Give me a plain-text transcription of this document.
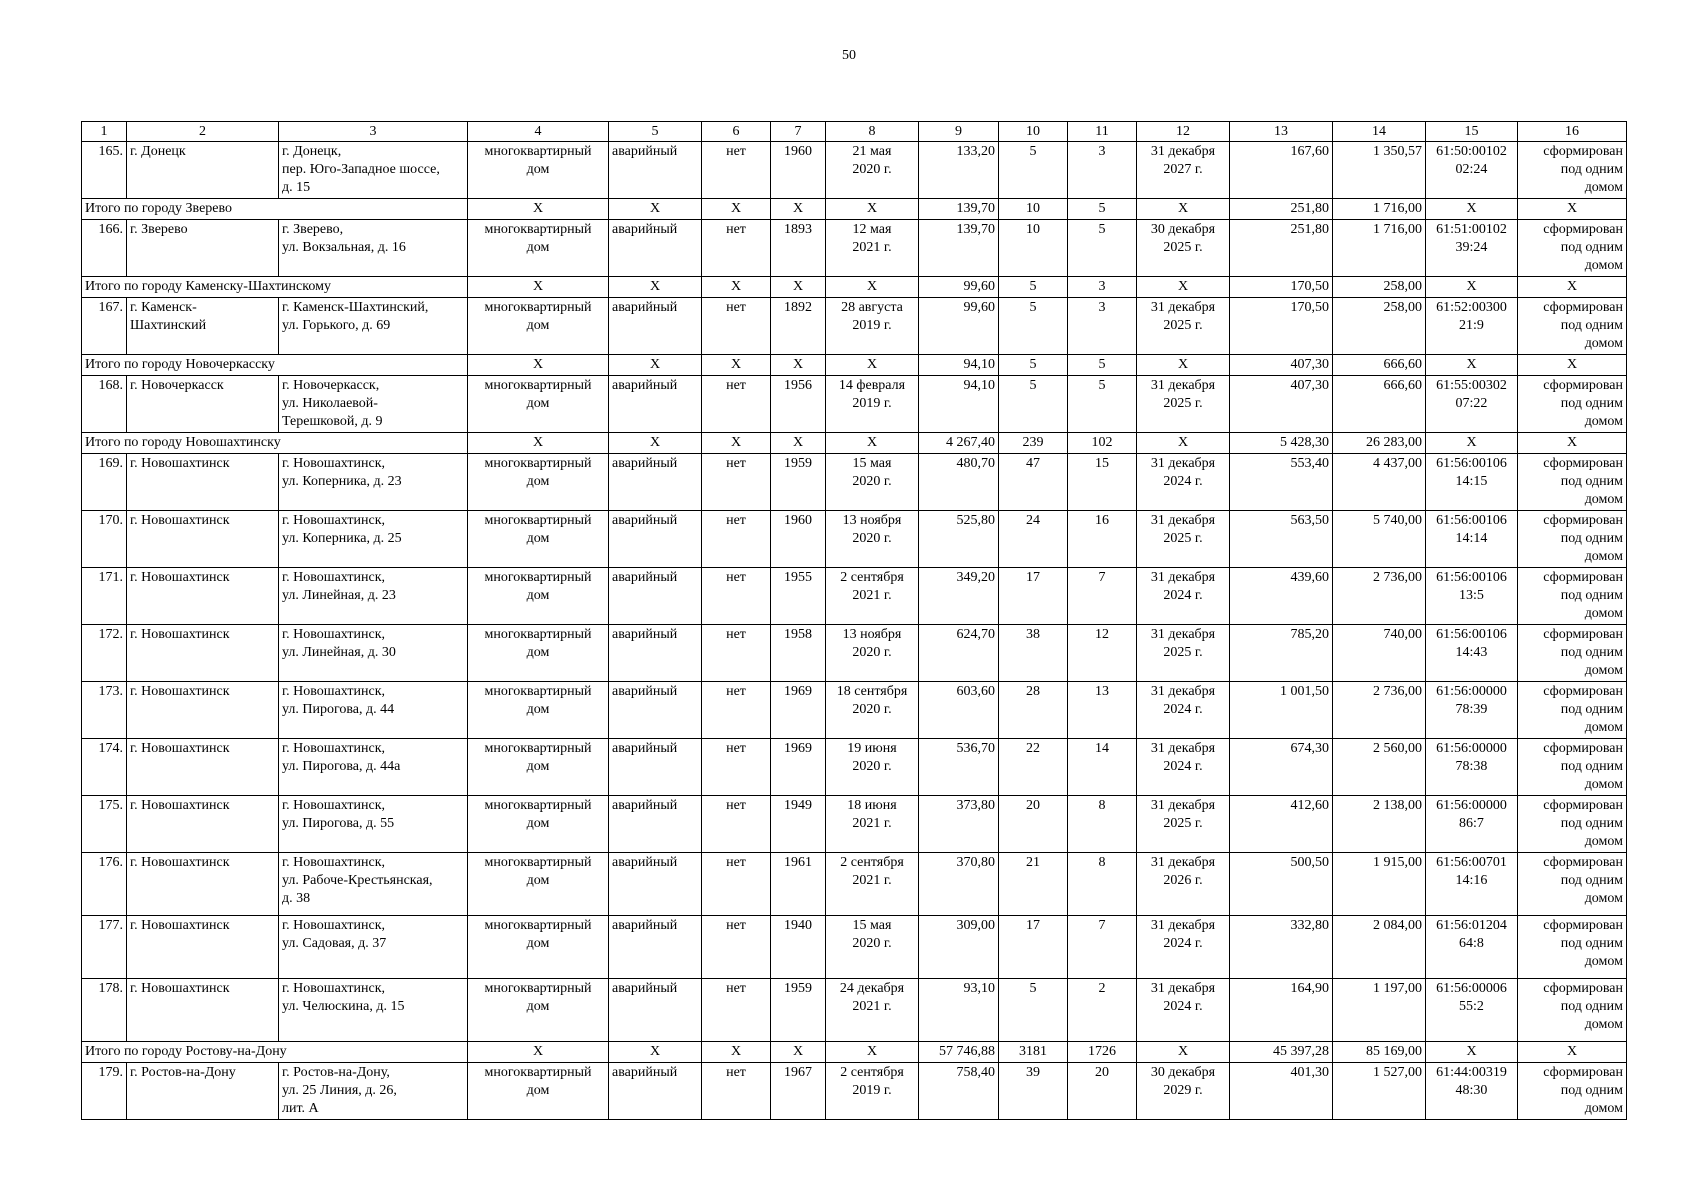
50
1	2	3	4	5	6	7	8	9	10	11	12	13	14	15	16
165.	г. Донецк	г. Донецк,
пер. Юго-Западное шоссе,
д. 15	многоквартирный
дом	аварийный	нет	1960	21 мая
2020 г.	133,20	5	3	31 декабря
2027 г.	167,60	1 350,57	61:50:00102
02:24	сформирован
под одним
домом
Итого по городу Зверево			X	X	X	X	X	139,70	10	5	X	251,80	1 716,00	X	X
166.	г. Зверево	г. Зверево,
ул. Вокзальная, д. 16	многоквартирный
дом	аварийный	нет	1893	12 мая
2021 г.	139,70	10	5	30 декабря
2025 г.	251,80	1 716,00	61:51:00102
39:24	сформирован
под одним
домом
Итого по городу Каменску-Шахтинскому			X	X	X	X	X	99,60	5	3	X	170,50	258,00	X	X
167.	г. Каменск-
Шахтинский	г. Каменск-Шахтинский,
ул. Горького, д. 69	многоквартирный
дом	аварийный	нет	1892	28 августа
2019 г.	99,60	5	3	31 декабря
2025 г.	170,50	258,00	61:52:00300
21:9	сформирован
под одним
домом
Итого по городу Новочеркасску			X	X	X	X	X	94,10	5	5	X	407,30	666,60	X	X
168.	г. Новочеркасск	г. Новочеркасск,
ул. Николаевой-
Терешковой, д. 9	многоквартирный
дом	аварийный	нет	1956	14 февраля
2019 г.	94,10	5	5	31 декабря
2025 г.	407,30	666,60	61:55:00302
07:22	сформирован
под одним
домом
Итого по городу Новошахтинску			X	X	X	X	X	4 267,40	239	102	X	5 428,30	26 283,00	X	X
169.	г. Новошахтинск	г. Новошахтинск,
ул. Коперника, д. 23	многоквартирный
дом	аварийный	нет	1959	15 мая
2020 г.	480,70	47	15	31 декабря
2024 г.	553,40	4 437,00	61:56:00106
14:15	сформирован
под одним
домом
170.	г. Новошахтинск	г. Новошахтинск,
ул. Коперника, д. 25	многоквартирный
дом	аварийный	нет	1960	13 ноября
2020 г.	525,80	24	16	31 декабря
2025 г.	563,50	5 740,00	61:56:00106
14:14	сформирован
под одним
домом
171.	г. Новошахтинск	г. Новошахтинск,
ул. Линейная, д. 23	многоквартирный
дом	аварийный	нет	1955	2 сентября
2021 г.	349,20	17	7	31 декабря
2024 г.	439,60	2 736,00	61:56:00106
13:5	сформирован
под одним
домом
172.	г. Новошахтинск	г. Новошахтинск,
ул. Линейная, д. 30	многоквартирный
дом	аварийный	нет	1958	13 ноября
2020 г.	624,70	38	12	31 декабря
2025 г.	785,20	740,00	61:56:00106
14:43	сформирован
под одним
домом
173.	г. Новошахтинск	г. Новошахтинск,
ул. Пирогова, д. 44	многоквартирный
дом	аварийный	нет	1969	18 сентября
2020 г.	603,60	28	13	31 декабря
2024 г.	1 001,50	2 736,00	61:56:00000
78:39	сформирован
под одним
домом
174.	г. Новошахтинск	г. Новошахтинск,
ул. Пирогова, д. 44а	многоквартирный
дом	аварийный	нет	1969	19 июня
2020 г.	536,70	22	14	31 декабря
2024 г.	674,30	2 560,00	61:56:00000
78:38	сформирован
под одним
домом
175.	г. Новошахтинск	г. Новошахтинск,
ул. Пирогова, д. 55	многоквартирный
дом	аварийный	нет	1949	18 июня
2021 г.	373,80	20	8	31 декабря
2025 г.	412,60	2 138,00	61:56:00000
86:7	сформирован
под одним
домом
176.	г. Новошахтинск	г. Новошахтинск,
ул. Рабоче-Крестьянская,
д. 38	многоквартирный
дом	аварийный	нет	1961	2 сентября
2021 г.	370,80	21	8	31 декабря
2026 г.	500,50	1 915,00	61:56:00701
14:16	сформирован
под одним
домом
177.	г. Новошахтинск	г. Новошахтинск,
ул. Садовая, д. 37	многоквартирный
дом	аварийный	нет	1940	15 мая
2020 г.	309,00	17	7	31 декабря
2024 г.	332,80	2 084,00	61:56:01204
64:8	сформирован
под одним
домом
178.	г. Новошахтинск	г. Новошахтинск,
ул. Челюскина, д. 15	многоквартирный
дом	аварийный	нет	1959	24 декабря
2021 г.	93,10	5	2	31 декабря
2024 г.	164,90	1 197,00	61:56:00006
55:2	сформирован
под одним
домом
Итого по городу Ростову-на-Дону			X	X	X	X	X	57 746,88	3181	1726	X	45 397,28	85 169,00	X	X
179.	г. Ростов-на-Дону	г. Ростов-на-Дону,
ул. 25 Линия, д. 26,
лит. А	многоквартирный
дом	аварийный	нет	1967	2 сентября
2019 г.	758,40	39	20	30 декабря
2029 г.	401,30	1 527,00	61:44:00319
48:30	сформирован
под одним
домом
